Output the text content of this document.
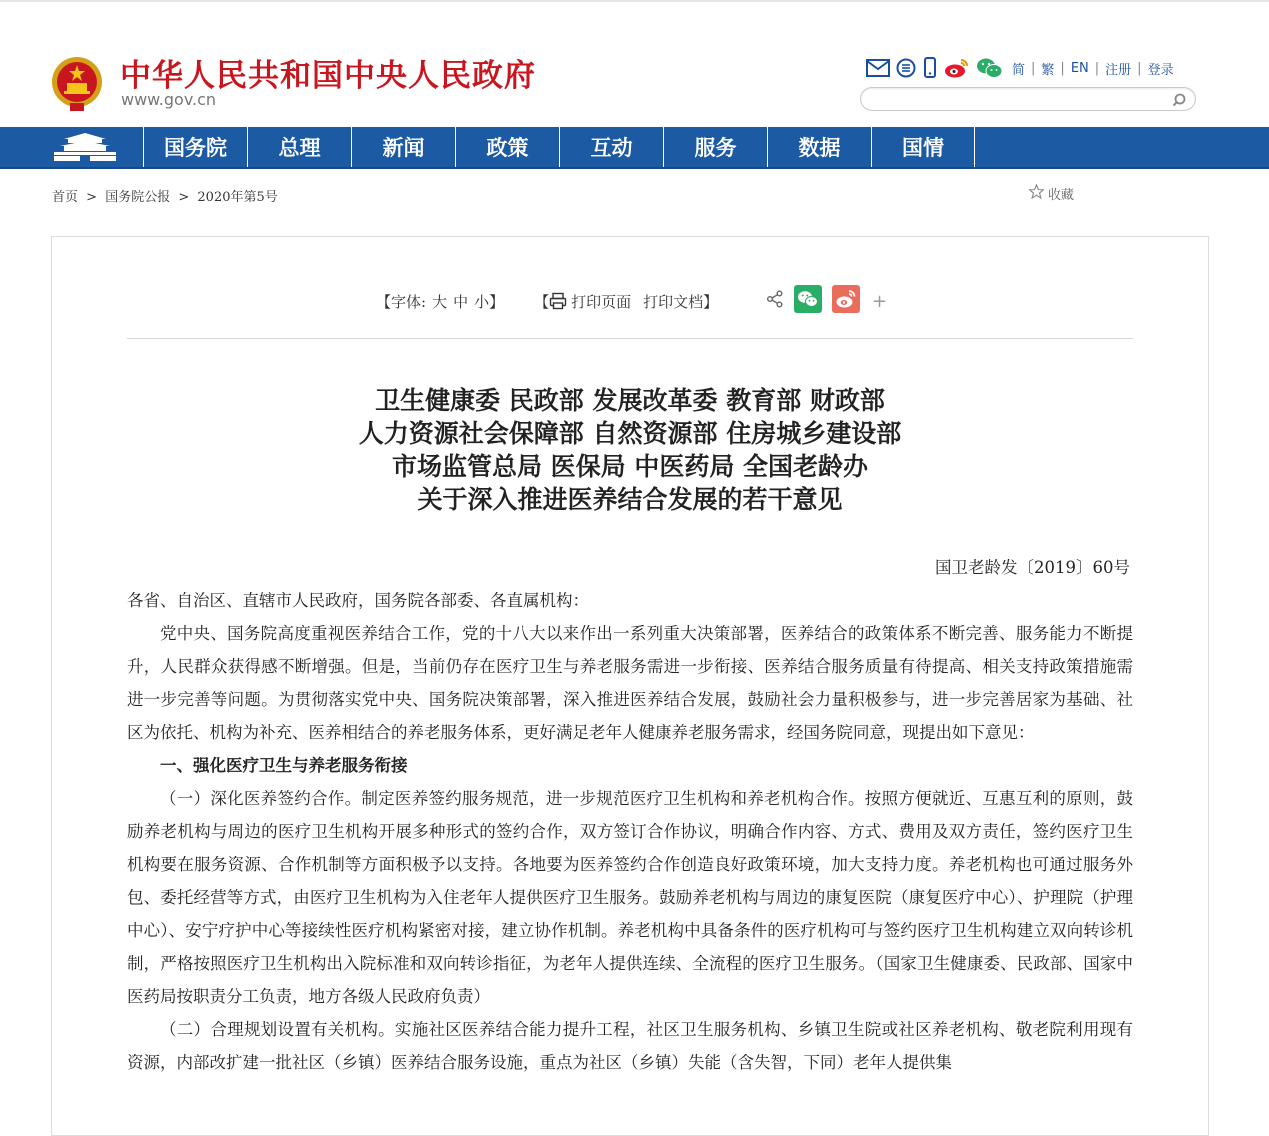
中华人民共和国中央人民政府
www.gov.cn
简 | 繁 | EN | 注册 | 登录
国务院	总理	新闻	政策	互动	服务	数据	国情
首页 > 国务院公报 > 2020年第5号	收藏
【字体: 大 中 小 】 【 打印页面 打印文档 】	+
卫生健康委 民政部 发展改革委 教育部 财政部
人力资源社会保障部 自然资源部 住房城乡建设部
市场监管总局 医保局 中医药局 全国老龄办
关于深入推进医养结合发展的若干意见
国卫老龄发〔2019〕60号

各省、自治区、直辖市人民政府，国务院各部委、各直属机构：

党中央、国务院高度重视医养结合工作，党的十八大以来作出一系列重大决策部署，医养结合的政策体系不断完善、服务能力不断提升，人民群众获得感不断增强。但是，当前仍存在医疗卫生与养老服务需进一步衔接、医养结合服务质量有待提高、相关支持政策措施需进一步完善等问题。为贯彻落实党中央、国务院决策部署，深入推进医养结合发展，鼓励社会力量积极参与，进一步完善居家为基础、社区为依托、机构为补充、医养相结合的养老服务体系，更好满足老年人健康养老服务需求，经国务院同意，现提出如下意见：

一、强化医疗卫生与养老服务衔接

（一）深化医养签约合作。制定医养签约服务规范，进一步规范医疗卫生机构和养老机构合作。按照方便就近、互惠互利的原则，鼓励养老机构与周边的医疗卫生机构开展多种形式的签约合作，双方签订合作协议，明确合作内容、方式、费用及双方责任，签约医疗卫生机构要在服务资源、合作机制等方面积极予以支持。各地要为医养签约合作创造良好政策环境，加大支持力度。养老机构也可通过服务外包、委托经营等方式，由医疗卫生机构为入住老年人提供医疗卫生服务。鼓励养老机构与周边的康复医院（康复医疗中心）、护理院（护理中心）、安宁疗护中心等接续性医疗机构紧密对接，建立协作机制。养老机构中具备条件的医疗机构可与签约医疗卫生机构建立双向转诊机制，严格按照医疗卫生机构出入院标准和双向转诊指征，为老年人提供连续、全流程的医疗卫生服务。（国家卫生健康委、民政部、国家中医药局按职责分工负责，地方各级人民政府负责）

（二）合理规划设置有关机构。实施社区医养结合能力提升工程，社区卫生服务机构、乡镇卫生院或社区养老机构、敬老院利用现有资源，内部改扩建一批社区（乡镇）医养结合服务设施，重点为社区（乡镇）失能（含失智，下同）老年人提供集
